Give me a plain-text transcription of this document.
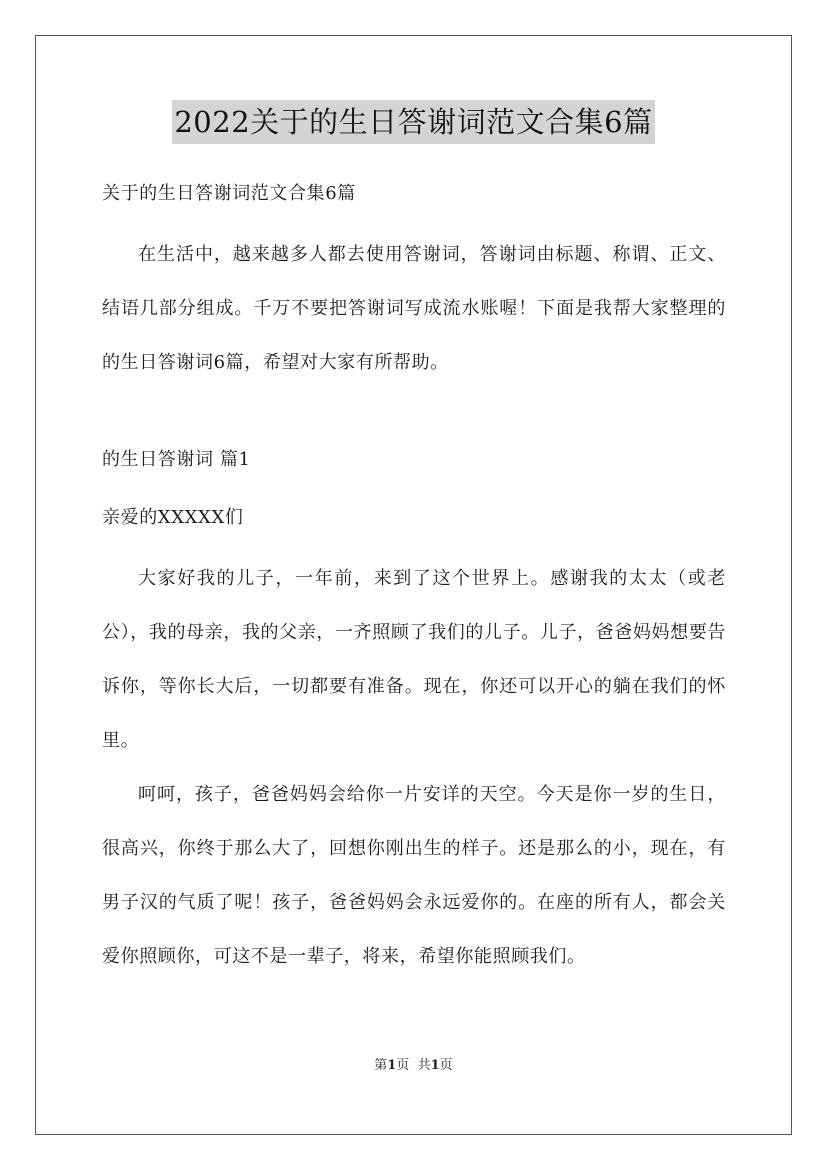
2022关于的生日答谢词范文合集6篇

关于的生日答谢词范文合集6篇

在生活中，越来越多人都去使用答谢词，答谢词由标题、称谓、正文、结语几部分组成。千万不要把答谢词写成流水账喔！下面是我帮大家整理的的生日答谢词6篇，希望对大家有所帮助。

的生日答谢词 篇1

亲爱的XXXXX们

大家好我的儿子，一年前，来到了这个世界上。感谢我的太太（或老公），我的母亲，我的父亲，一齐照顾了我们的儿子。儿子，爸爸妈妈想要告诉你，等你长大后，一切都要有准备。现在，你还可以开心的躺在我们的怀里。

呵呵，孩子，爸爸妈妈会给你一片安详的天空。今天是你一岁的生日，很高兴，你终于那么大了，回想你刚出生的样子。还是那么的小，现在，有男子汉的气质了呢！孩子，爸爸妈妈会永远爱你的。在座的所有人，都会关爱你照顾你，可这不是一辈子，将来，希望你能照顾我们。

第1页 共1页
